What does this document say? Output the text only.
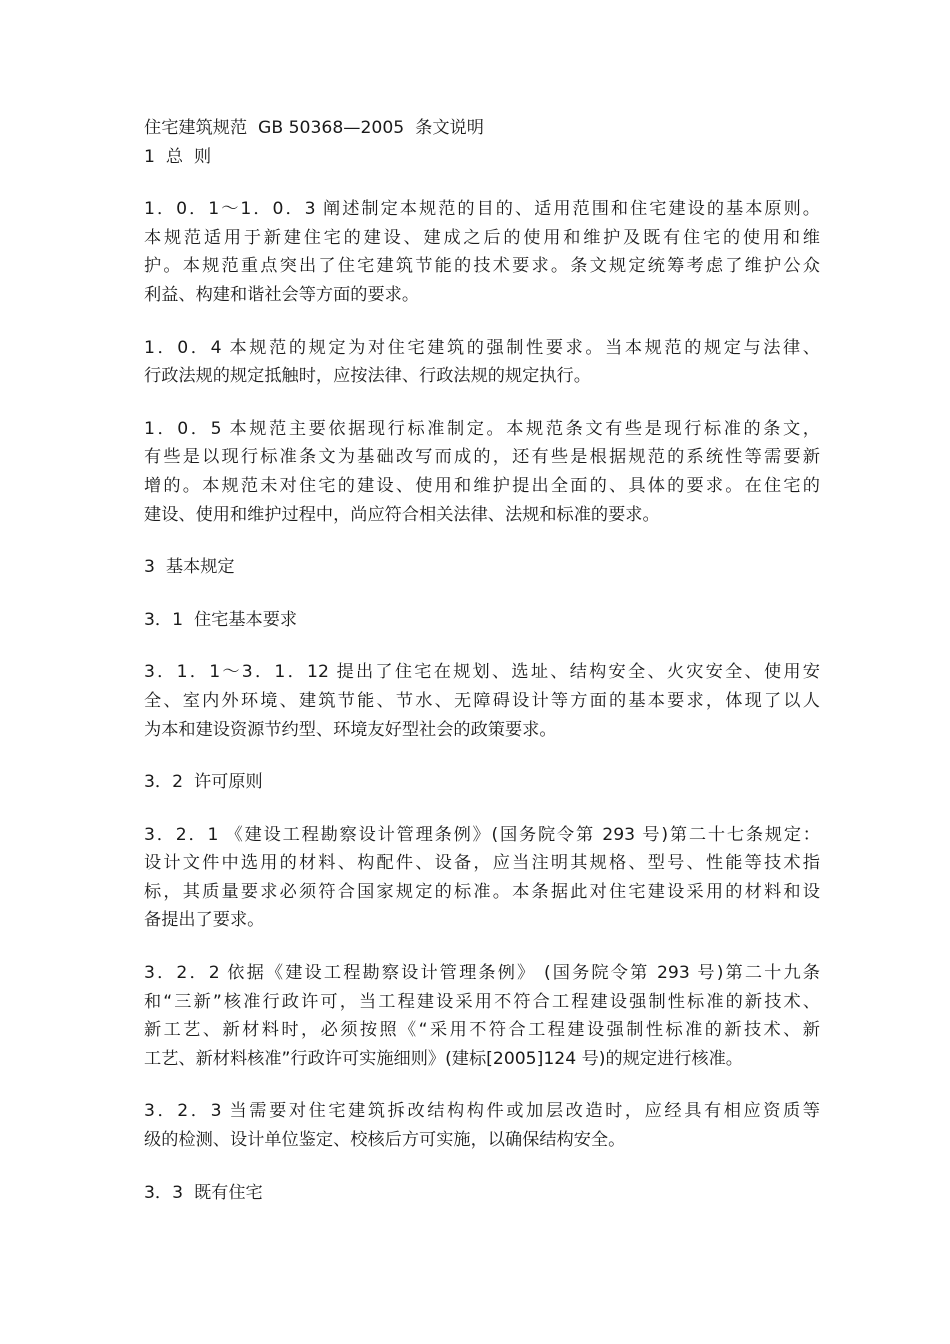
住宅建筑规范  GB 50368—2005  条文说明
1  总  则
1．0．1～1．0．3 阐述制定本规范的目的、适用范围和住宅建设的基本原则。
本规范适用于新建住宅的建设、建成之后的使用和维护及既有住宅的使用和维
护。本规范重点突出了住宅建筑节能的技术要求。条文规定统筹考虑了维护公众
利益、构建和谐社会等方面的要求。
1．0．4 本规范的规定为对住宅建筑的强制性要求。当本规范的规定与法律、
行政法规的规定抵触时，应按法律、行政法规的规定执行。
1．0．5 本规范主要依据现行标准制定。本规范条文有些是现行标准的条文，
有些是以现行标准条文为基础改写而成的，还有些是根据规范的系统性等需要新
增的。本规范未对住宅的建设、使用和维护提出全面的、具体的要求。在住宅的
建设、使用和维护过程中，尚应符合相关法律、法规和标准的要求。
3  基本规定
3．1  住宅基本要求
3．1．1～3．1．12 提出了住宅在规划、选址、结构安全、火灾安全、使用安
全、室内外环境、建筑节能、节水、无障碍设计等方面的基本要求，体现了以人
为本和建设资源节约型、环境友好型社会的政策要求。
3．2  许可原则
3．2．1 《建设工程勘察设计管理条例》(国务院令第 293 号)第二十七条规定：
设计文件中选用的材料、构配件、设备，应当注明其规格、型号、性能等技术指
标，其质量要求必须符合国家规定的标准。本条据此对住宅建设采用的材料和设
备提出了要求。
3．2．2 依据《建设工程勘察设计管理条例》 (国务院令第 293 号)第二十九条
和“三新”核准行政许可，当工程建设采用不符合工程建设强制性标准的新技术、
新工艺、新材料时，必须按照《“采用不符合工程建设强制性标准的新技术、新
工艺、新材料核准”行政许可实施细则》(建标[2005]124 号)的规定进行核准。
3．2．3 当需要对住宅建筑拆改结构构件或加层改造时，应经具有相应资质等
级的检测、设计单位鉴定、校核后方可实施，以确保结构安全。
3．3  既有住宅
